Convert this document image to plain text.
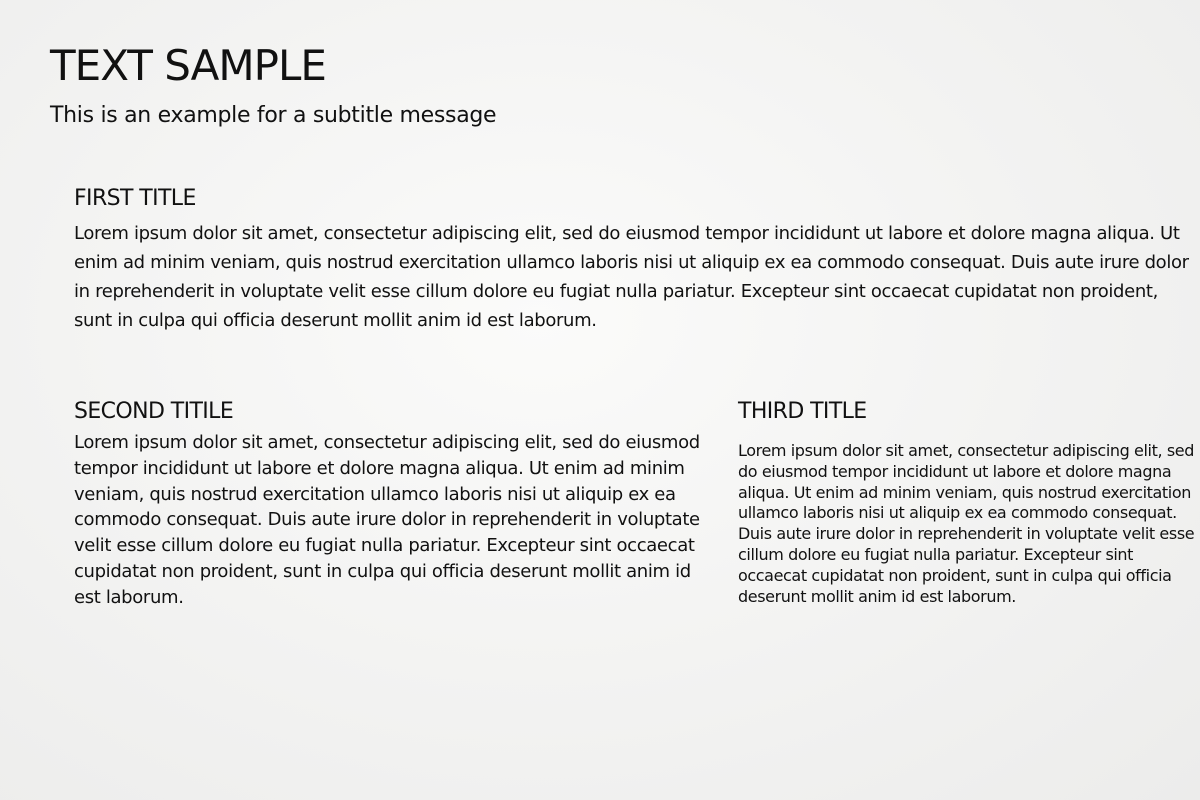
TEXT SAMPLE

This is an example for a subtitle message

FIRST TITLE

Lorem ipsum dolor sit amet, consectetur adipiscing elit, sed do eiusmod tempor incididunt ut labore et dolore magna aliqua. Ut enim ad minim veniam, quis nostrud exercitation ullamco laboris nisi ut aliquip ex ea commodo consequat. Duis aute irure dolor in reprehenderit in voluptate velit esse cillum dolore eu fugiat nulla pariatur. Excepteur sint occaecat cupidatat non proident, sunt in culpa qui officia deserunt mollit anim id est laborum.

SECOND TITILE

Lorem ipsum dolor sit amet, consectetur adipiscing elit, sed do eiusmod tempor incididunt ut labore et dolore magna aliqua. Ut enim ad minim veniam, quis nostrud exercitation ullamco laboris nisi ut aliquip ex ea commodo consequat. Duis aute irure dolor in reprehenderit in voluptate velit esse cillum dolore eu fugiat nulla pariatur. Excepteur sint occaecat cupidatat non proident, sunt in culpa qui officia deserunt mollit anim id est laborum.

THIRD TITLE

Lorem ipsum dolor sit amet, consectetur adipiscing elit, sed do eiusmod tempor incididunt ut labore et dolore magna aliqua. Ut enim ad minim veniam, quis nostrud exercitation ullamco laboris nisi ut aliquip ex ea commodo consequat. Duis aute irure dolor in reprehenderit in voluptate velit esse cillum dolore eu fugiat nulla pariatur. Excepteur sint occaecat cupidatat non proident, sunt in culpa qui officia deserunt mollit anim id est laborum.
